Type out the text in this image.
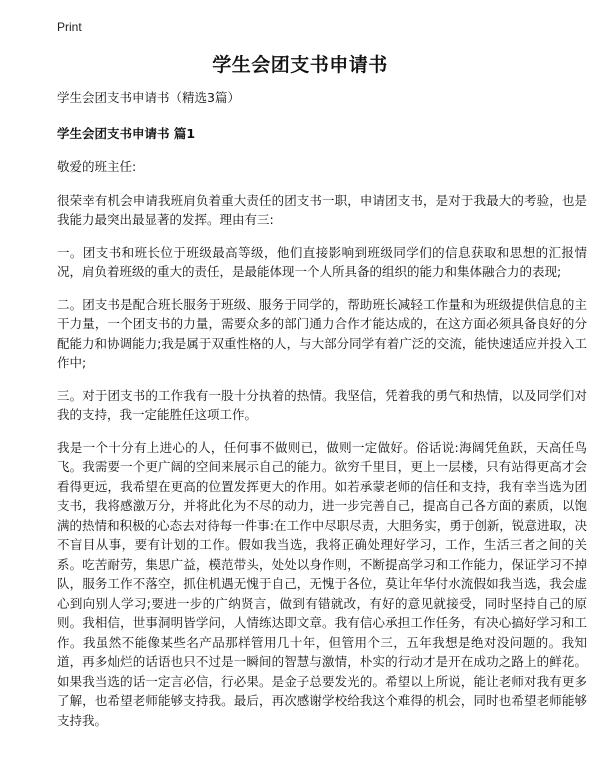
Print
学生会团支书申请书

学生会团支书申请书（精选3篇）

学生会团支书申请书 篇1

敬爱的班主任:

很荣幸有机会申请我班肩负着重大责任的团支书一职，申请团支书，是对于我最大的考验，也是我能力最突出最显著的发挥。理由有三:

一。团支书和班长位于班级最高等级，他们直接影响到班级同学们的信息获取和思想的汇报情况，肩负着班级的重大的责任，是最能体现一个人所具备的组织的能力和集体融合力的表现;

二。团支书是配合班长服务于班级、服务于同学的，帮助班长减轻工作量和为班级提供信息的主干力量，一个团支书的力量，需要众多的部门通力合作才能达成的，在这方面必须具备良好的分配能力和协调能力;我是属于双重性格的人，与大部分同学有着广泛的交流，能快速适应并投入工作中;

三。对于团支书的工作我有一股十分执着的热情。我坚信，凭着我的勇气和热情，以及同学们对我的支持，我一定能胜任这项工作。

我是一个十分有上进心的人，任何事不做则已，做则一定做好。俗话说:海阔凭鱼跃，天高任鸟飞。我需要一个更广阔的空间来展示自己的能力。欲穷千里目，更上一层楼，只有站得更高才会看得更远，我希望在更高的位置发挥更大的作用。如若承蒙老师的信任和支持，我有幸当选为团支书，我将感激万分，并将此化为不尽的动力，进一步完善自己，提高自己各方面的素质，以饱满的热情和积极的心态去对待每一件事:在工作中尽职尽责，大胆务实，勇于创新，锐意进取，决不盲目从事，要有计划的工作。假如我当选，我将正确处理好学习，工作，生活三者之间的关系。吃苦耐劳，集思广益，模范带头，处处以身作则，不断提高学习和工作能力，保证学习不掉队，服务工作不落空，抓住机遇无愧于自己，无愧于各位，莫让年华付水流假如我当选，我会虚心到向别人学习;要进一步的广纳贤言，做到有错就改，有好的意见就接受，同时坚持自己的原则。我相信，世事洞明皆学问，人情练达即文章。我有信心承担工作任务，有决心搞好学习和工作。我虽然不能像某些名产品那样管用几十年，但管用个三，五年我想是绝对没问题的。我知道，再多灿烂的话语也只不过是一瞬间的智慧与激情，朴实的行动才是开在成功之路上的鲜花。如果我当选的话一定言必信，行必果。是金子总要发光的。希望以上所说，能让老师对我有更多了解，也希望老师能够支持我。最后，再次感谢学校给我这个难得的机会，同时也希望老师能够支持我。
